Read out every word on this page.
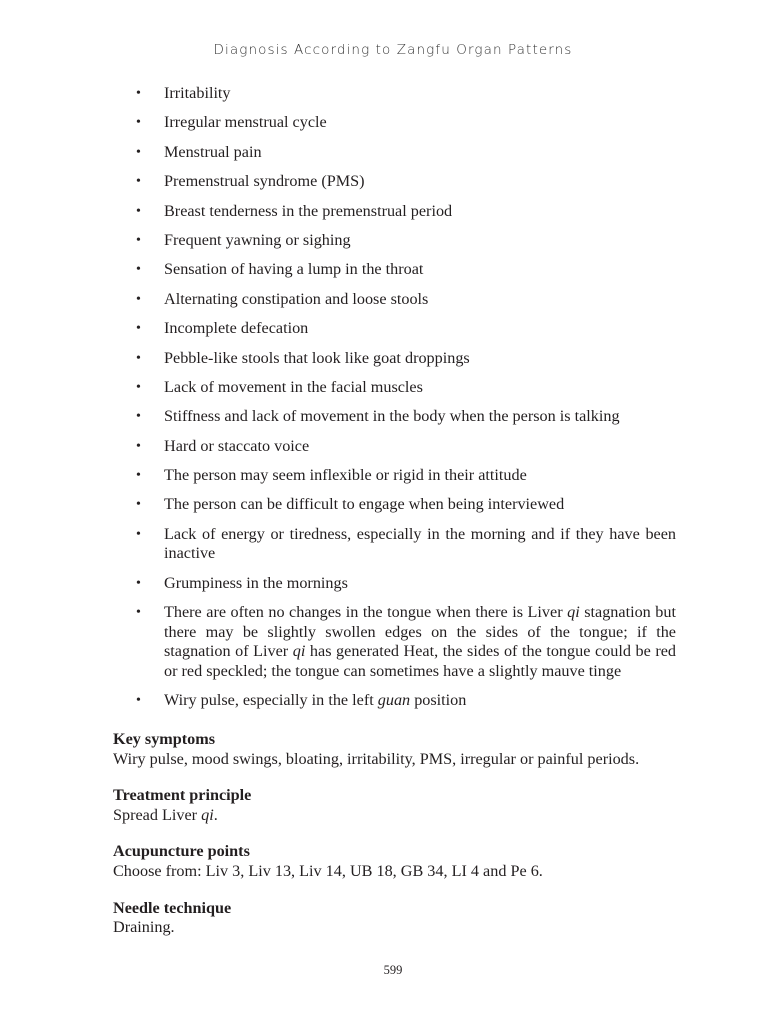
Diagnosis According to Zangfu Organ Patterns
• Irritability
• Irregular menstrual cycle
• Menstrual pain
• Premenstrual syndrome (PMS)
• Breast tenderness in the premenstrual period
• Frequent yawning or sighing
• Sensation of having a lump in the throat
• Alternating constipation and loose stools
• Incomplete defecation
• Pebble-like stools that look like goat droppings
• Lack of movement in the facial muscles
• Stiffness and lack of movement in the body when the person is talking
• Hard or staccato voice
• The person may seem inflexible or rigid in their attitude
• The person can be difficult to engage when being interviewed
• Lack of energy or tiredness, especially in the morning and if they have been inactive
• Grumpiness in the mornings
• There are often no changes in the tongue when there is Liver qi stagnation but there may be slightly swollen edges on the sides of the tongue; if the stagnation of Liver qi has generated Heat, the sides of the tongue could be red or red speckled; the tongue can sometimes have a slightly mauve tinge
• Wiry pulse, especially in the left guan position
Key symptoms

Wiry pulse, mood swings, bloating, irritability, PMS, irregular or painful periods.

Treatment principle

Spread Liver qi.

Acupuncture points

Choose from: Liv 3, Liv 13, Liv 14, UB 18, GB 34, LI 4 and Pe 6.

Needle technique

Draining.

599
